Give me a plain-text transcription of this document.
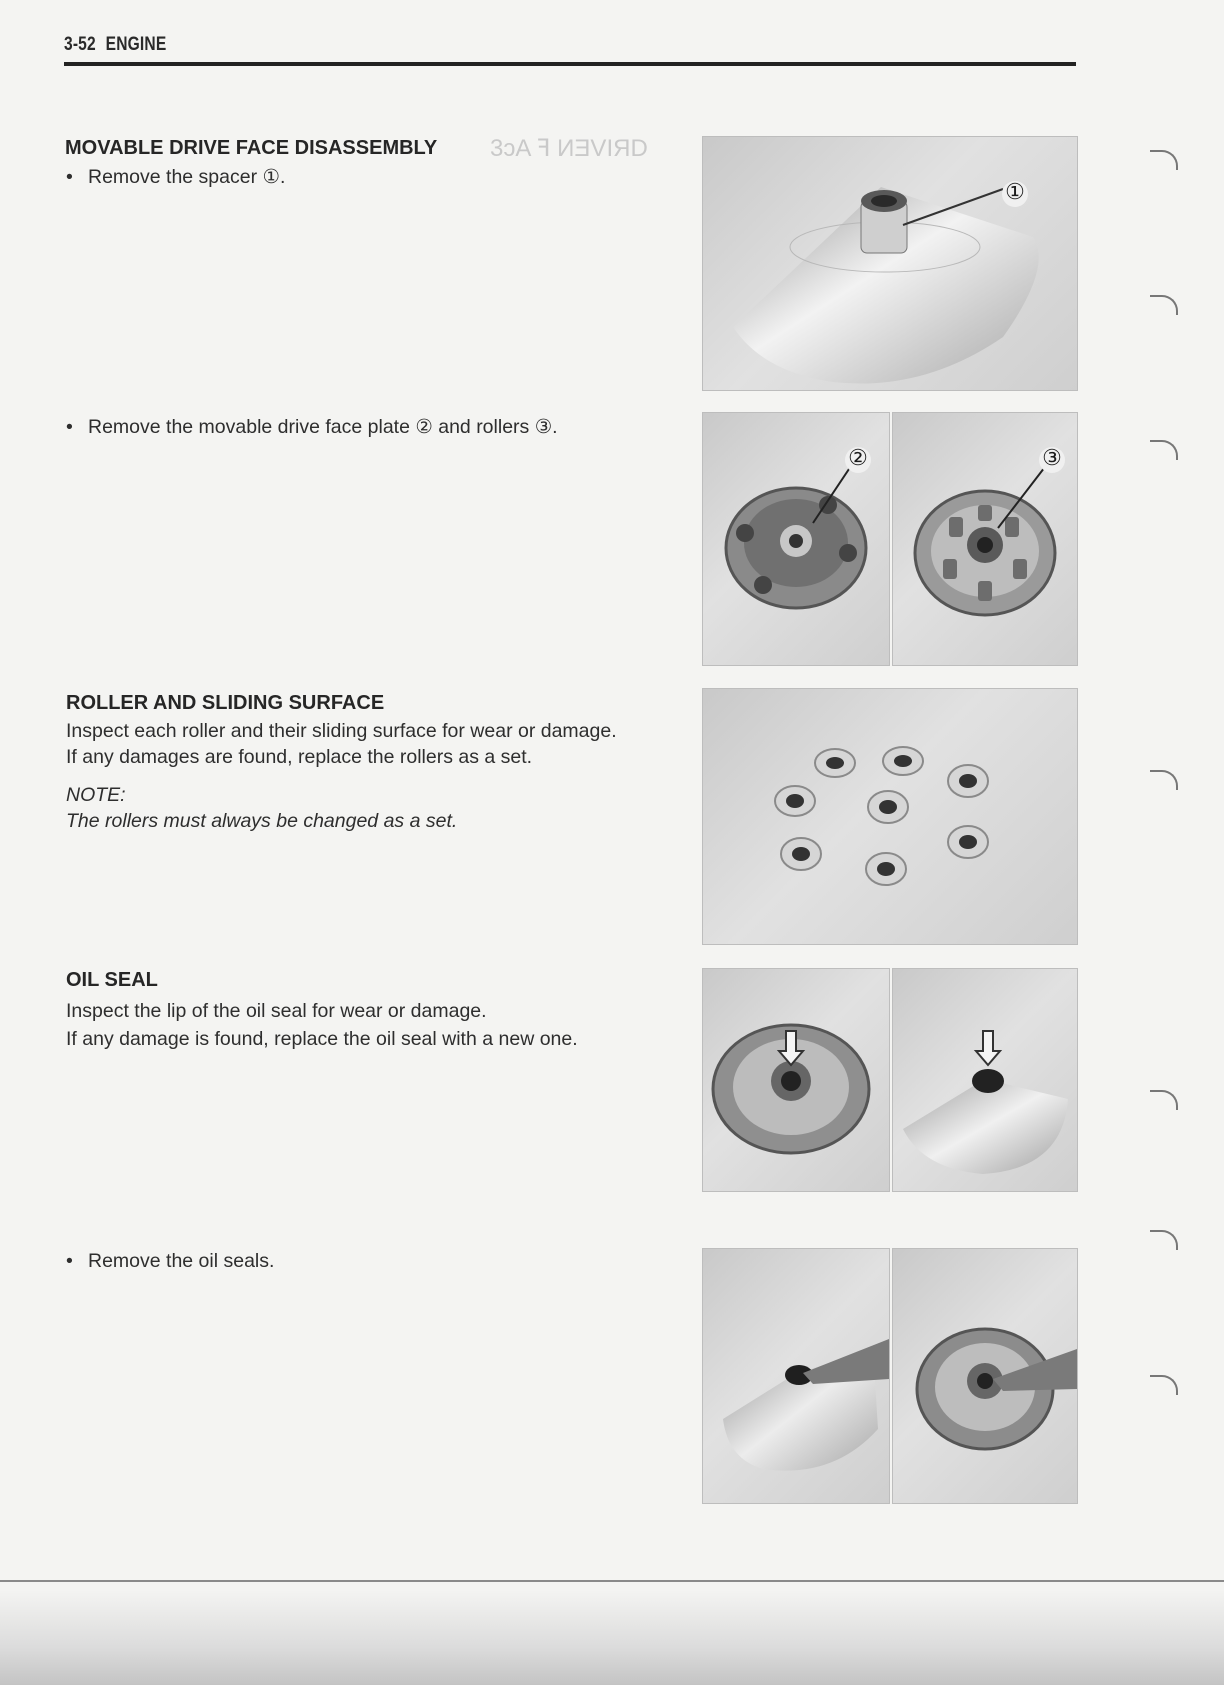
3-52 ENGINE
3ɔA ꟻ ИƎVIЯD
MOVABLE DRIVE FACE DISASSEMBLY
• Remove the spacer ①.
• Remove the movable drive face plate ② and rollers ③.
ROLLER AND SLIDING SURFACE
Inspect each roller and their sliding surface for wear or damage.
If any damages are found, replace the rollers as a set.
NOTE:
The rollers must always be changed as a set.
OIL SEAL
Inspect the lip of the oil seal for wear or damage.
If any damage is found, replace the oil seal with a new one.
• Remove the oil seals.
①
②	③
